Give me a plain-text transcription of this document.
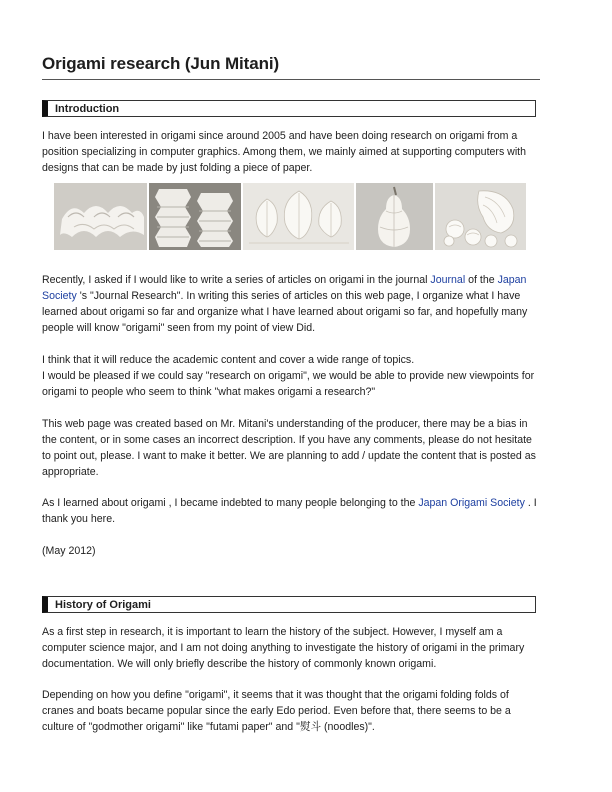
Origami research (Jun Mitani)
Introduction

I have been interested in origami since around 2005 and have been doing research on origami from a position specializing in computer graphics. Among them, we mainly aimed at supporting computers with designs that can be made by just folding a piece of paper.

Recently, I asked if I would like to write a series of articles on origami in the journal Journal of the Japan Society 's "Journal Research". In writing this series of articles on this web page, I organize what I have learned about origami so far and organize what I have learned about origami so far, and hopefully many people will know "origami" seen from my point of view Did.

I think that it will reduce the academic content and cover a wide range of topics.
I would be pleased if we could say "research on origami", we would be able to provide new viewpoints for origami to people who seem to think "what makes origami a research?"

This web page was created based on Mr. Mitani's understanding of the producer, there may be a bias in the content, or in some cases an incorrect description. If you have any comments, please do not hesitate to point out, please. I want to make it better. We are planning to add / update the content that is posted as appropriate.

As I learned about origami , I became indebted to many people belonging to the Japan Origami Society . I thank you here.

(May 2012)

History of Origami

As a first step in research, it is important to learn the history of the subject. However, I myself am a computer science major, and I am not doing anything to investigate the history of origami in the primary documentation. We will only briefly describe the history of commonly known origami.

Depending on how you define "origami", it seems that it was thought that the origami folding folds of cranes and boats became popular since the early Edo period. Even before that, there seems to be a culture of "godmother origami" like "futami paper" and "熨斗 (noodles)".
